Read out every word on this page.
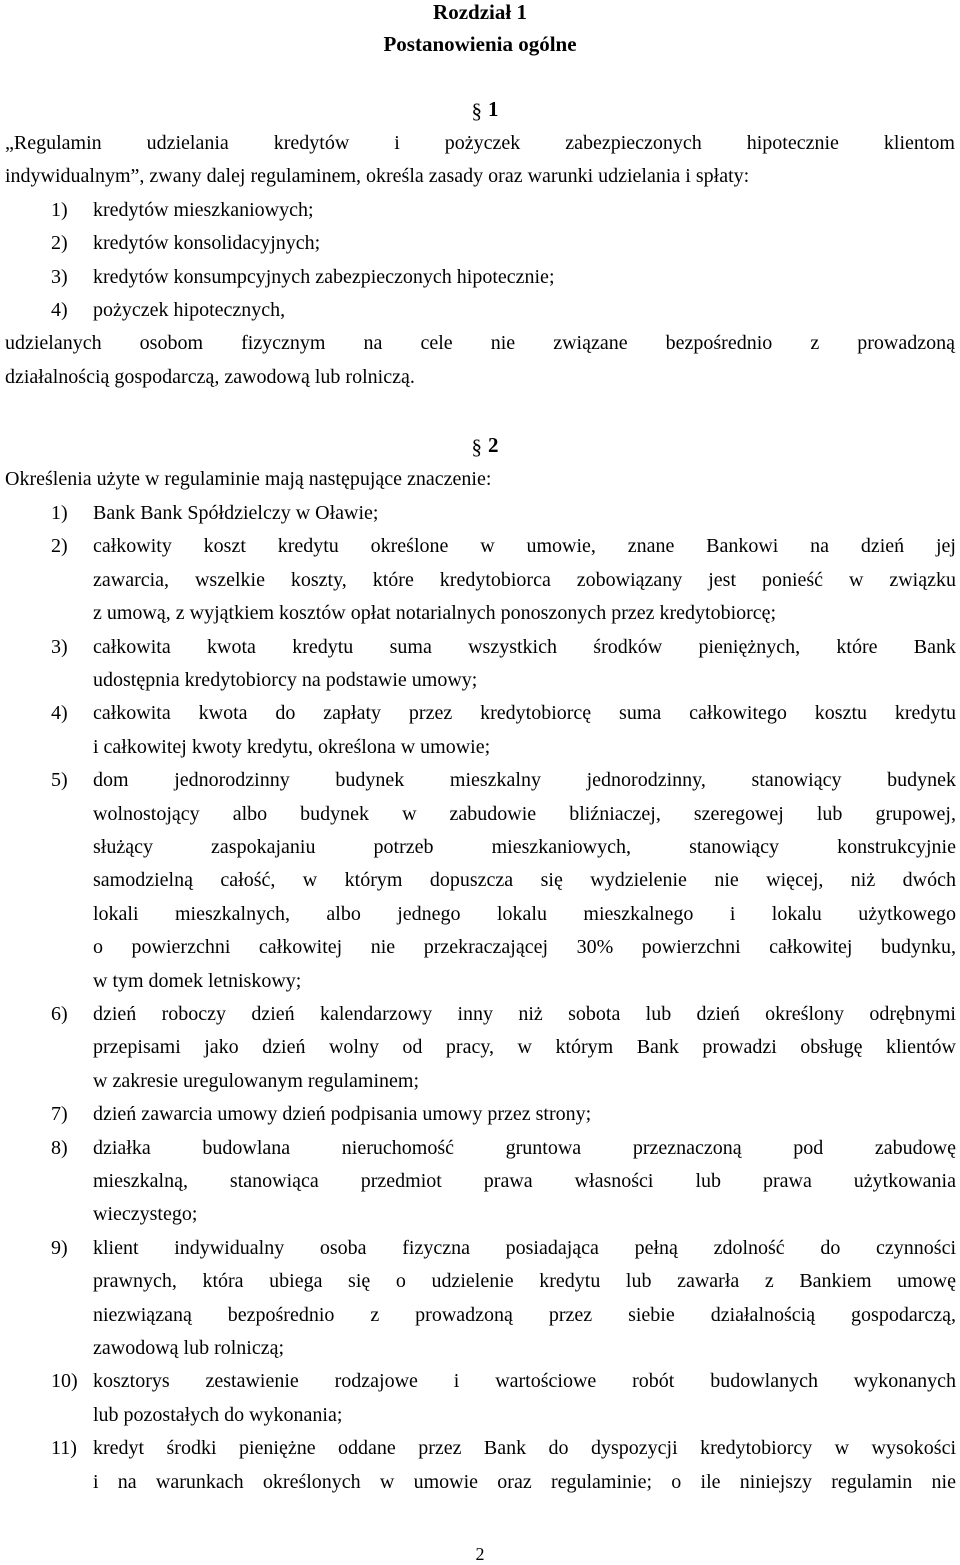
Rozdział 1
Postanowienia ogólne
§ 1
„Regulamin udzielania kredytów i pożyczek zabezpieczonych hipotecznie klientom
indywidualnym”, zwany dalej regulaminem, określa zasady oraz warunki udzielania i spłaty:
1) kredytów mieszkaniowych;
2) kredytów konsolidacyjnych;
3) kredytów konsumpcyjnych zabezpieczonych hipotecznie;
4) pożyczek hipotecznych,
udzielanych osobom fizycznym na cele nie związane bezpośrednio z prowadzoną
działalnością gospodarczą, zawodową lub rolniczą.
§ 2
Określenia użyte w regulaminie mają następujące znaczenie:
1) Bank Bank Spółdzielczy w Oławie;
2) całkowity koszt kredytu określone w umowie, znane Bankowi na dzień jej
zawarcia, wszelkie koszty, które kredytobiorca zobowiązany jest ponieść w związku
z umową, z wyjątkiem kosztów opłat notarialnych ponoszonych przez kredytobiorcę;
3) całkowita kwota kredytu suma wszystkich środków pieniężnych, które Bank
udostępnia kredytobiorcy na podstawie umowy;
4) całkowita kwota do zapłaty przez kredytobiorcę suma całkowitego kosztu kredytu
i całkowitej kwoty kredytu, określona w umowie;
5) dom jednorodzinny budynek mieszkalny jednorodzinny, stanowiący budynek
wolnostojący albo budynek w zabudowie bliźniaczej, szeregowej lub grupowej,
służący zaspokajaniu potrzeb mieszkaniowych, stanowiący konstrukcyjnie
samodzielną całość, w którym dopuszcza się wydzielenie nie więcej, niż dwóch
lokali mieszkalnych, albo jednego lokalu mieszkalnego i lokalu użytkowego
o powierzchni całkowitej nie przekraczającej 30% powierzchni całkowitej budynku,
w tym domek letniskowy;
6) dzień roboczy dzień kalendarzowy inny niż sobota lub dzień określony odrębnymi
przepisami jako dzień wolny od pracy, w którym Bank prowadzi obsługę klientów
w zakresie uregulowanym regulaminem;
7) dzień zawarcia umowy dzień podpisania umowy przez strony;
8) działka budowlana nieruchomość gruntowa przeznaczoną pod zabudowę
mieszkalną, stanowiąca przedmiot prawa własności lub prawa użytkowania
wieczystego;
9) klient indywidualny osoba fizyczna posiadająca pełną zdolność do czynności
prawnych, która ubiega się o udzielenie kredytu lub zawarła z Bankiem umowę
niezwiązaną bezpośrednio z prowadzoną przez siebie działalnością gospodarczą,
zawodową lub rolniczą;
10) kosztorys zestawienie rodzajowe i wartościowe robót budowlanych wykonanych
lub pozostałych do wykonania;
11) kredyt środki pieniężne oddane przez Bank do dyspozycji kredytobiorcy w wysokości
i na warunkach określonych w umowie oraz regulaminie; o ile niniejszy regulamin nie
2
